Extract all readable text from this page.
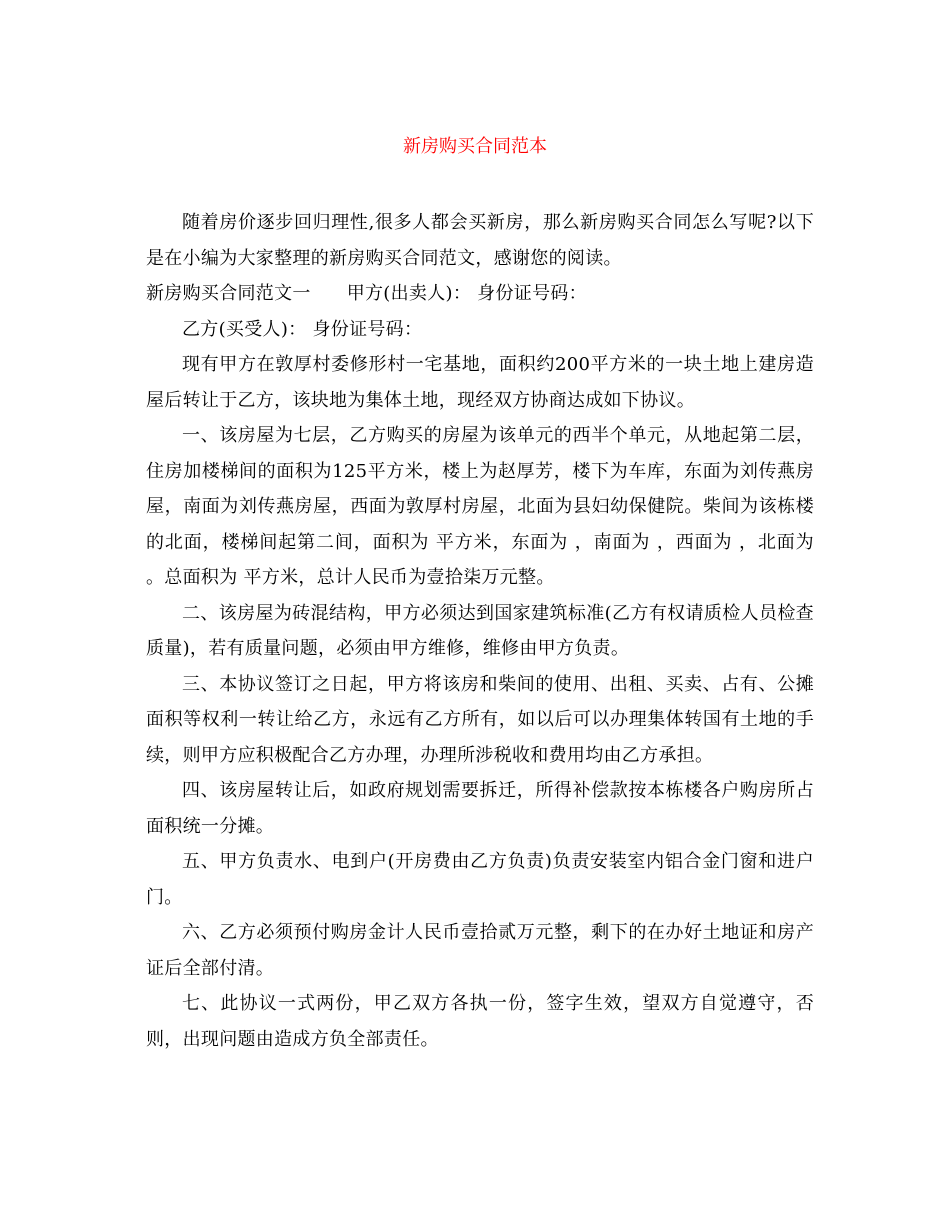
新房购买合同范本

随着房价逐步回归理性,很多人都会买新房，那么新房购买合同怎么写呢?以下是在小编为大家整理的新房购买合同范文，感谢您的阅读。

新房购买合同范文一 甲方(出卖人)： 身份证号码：

乙方(买受人)： 身份证号码：

现有甲方在敦厚村委修形村一宅基地，面积约200平方米的一块土地上建房造屋后转让于乙方，该块地为集体土地，现经双方协商达成如下协议。

一、该房屋为七层，乙方购买的房屋为该单元的西半个单元，从地起第二层，住房加楼梯间的面积为125平方米，楼上为赵厚芳，楼下为车库，东面为刘传燕房屋，南面为刘传燕房屋，西面为敦厚村房屋，北面为县妇幼保健院。柴间为该栋楼的北面，楼梯间起第二间，面积为 平方米，东面为 ，南面为 ，西面为 ，北面为 。总面积为 平方米，总计人民币为壹拾柒万元整。

二、该房屋为砖混结构，甲方必须达到国家建筑标准(乙方有权请质检人员检查质量)，若有质量问题，必须由甲方维修，维修由甲方负责。

三、本协议签订之日起，甲方将该房和柴间的使用、出租、买卖、占有、公摊面积等权利一转让给乙方，永远有乙方所有，如以后可以办理集体转国有土地的手续，则甲方应积极配合乙方办理，办理所涉税收和费用均由乙方承担。

四、该房屋转让后，如政府规划需要拆迁，所得补偿款按本栋楼各户购房所占面积统一分摊。

五、甲方负责水、电到户(开房费由乙方负责)负责安装室内铝合金门窗和进户门。

六、乙方必须预付购房金计人民币壹拾贰万元整，剩下的在办好土地证和房产证后全部付清。

七、此协议一式两份，甲乙双方各执一份，签字生效，望双方自觉遵守，否则，出现问题由造成方负全部责任。
